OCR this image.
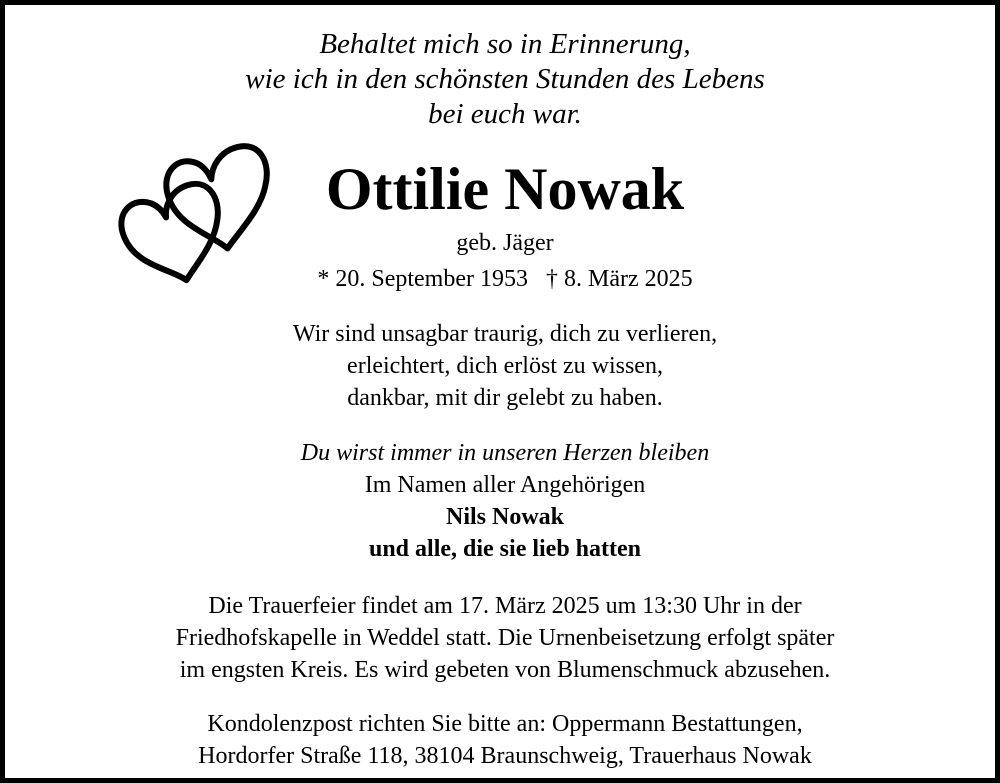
Behaltet mich so in Erinnerung,
wie ich in den schönsten Stunden des Lebens
bei euch war.
Ottilie Nowak
geb. Jäger
* 20. September 1953   † 8. März 2025
Wir sind unsagbar traurig, dich zu verlieren,
erleichtert, dich erlöst zu wissen,
dankbar, mit dir gelebt zu haben.
Du wirst immer in unseren Herzen bleiben
Im Namen aller Angehörigen
Nils Nowak
und alle, die sie lieb hatten
Die Trauerfeier findet am 17. März 2025 um 13:30 Uhr in der
Friedhofskapelle in Weddel statt. Die Urnenbeisetzung erfolgt später
im engsten Kreis. Es wird gebeten von Blumenschmuck abzusehen.
Kondolenzpost richten Sie bitte an: Oppermann Bestattungen,
Hordorfer Straße 118, 38104 Braunschweig, Trauerhaus Nowak
